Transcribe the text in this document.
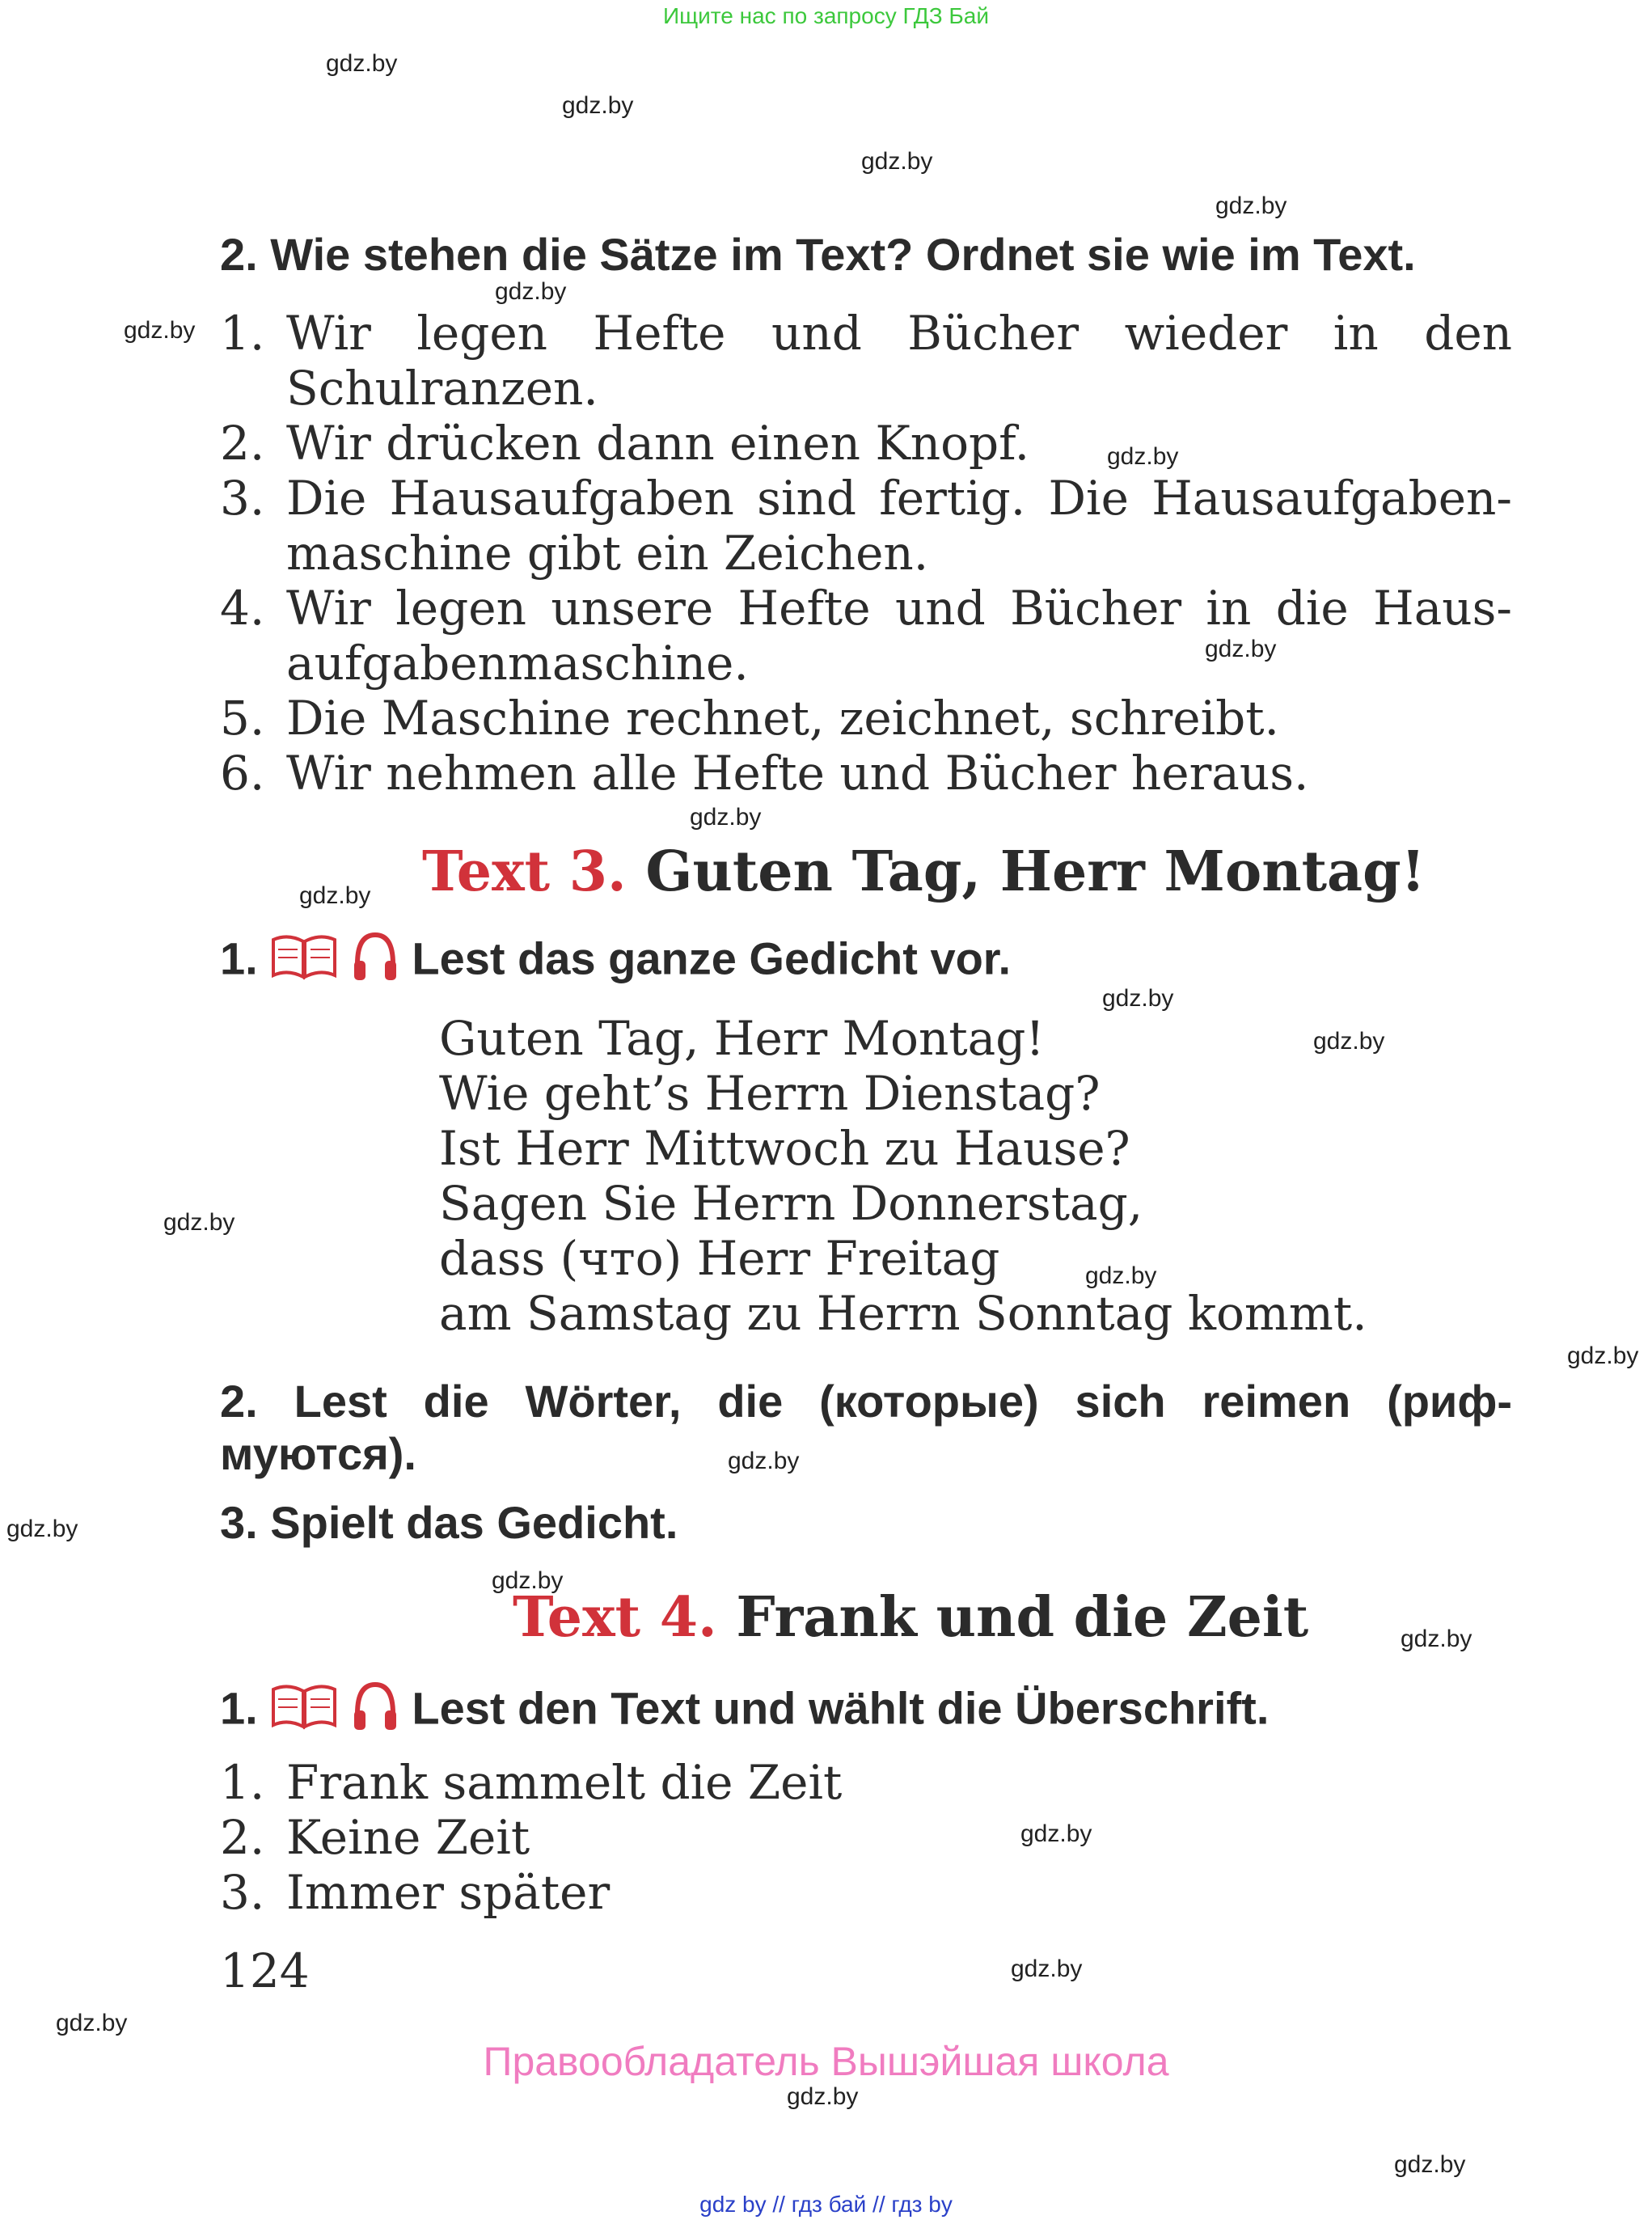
Ищите нас по запросу ГДЗ Бай
gdz.by
gdz.by
gdz.by
gdz.by
gdz.by
gdz.by
gdz.by
gdz.by
gdz.by
gdz.by
gdz.by
gdz.by
gdz.by
gdz.by
gdz.by
gdz.by
gdz.by
gdz.by
gdz.by
gdz.by
gdz.by
gdz.by
gdz.by
gdz.by
2. Wie stehen die Sätze im Text? Ordnet sie wie im Text.
1. Wir legen Hefte und Bücher wieder in den
Schulranzen.
2. Wir drücken dann einen Knopf.
3. Die Hausaufgaben sind fertig. Die Hausaufgaben-
maschine gibt ein Zeichen.
4. Wir legen unsere Hefte und Bücher in die Haus-
aufgabenmaschine.
5. Die Maschine rechnet, zeichnet, schreibt.
6. Wir nehmen alle Hefte und Bücher heraus.
Text 3. Guten Tag, Herr Montag!
1.	Lest das ganze Gedicht vor.
Guten Tag, Herr Montag!
Wie geht’s Herrn Dienstag?
Ist Herr Mittwoch zu Hause?
Sagen Sie Herrn Donnerstag,
dass (что) Herr Freitag
am Samstag zu Herrn Sonntag kommt.
2. Lest die Wörter, die (которые) sich reimen (риф-
муются).
3. Spielt das Gedicht.
Text 4. Frank und die Zeit
1.	Lest den Text und wählt die Überschrift.
1. Frank sammelt die Zeit
2. Keine Zeit
3. Immer später
124
Правообладатель Вышэйшая школа
gdz by // гдз бай // гдз by
